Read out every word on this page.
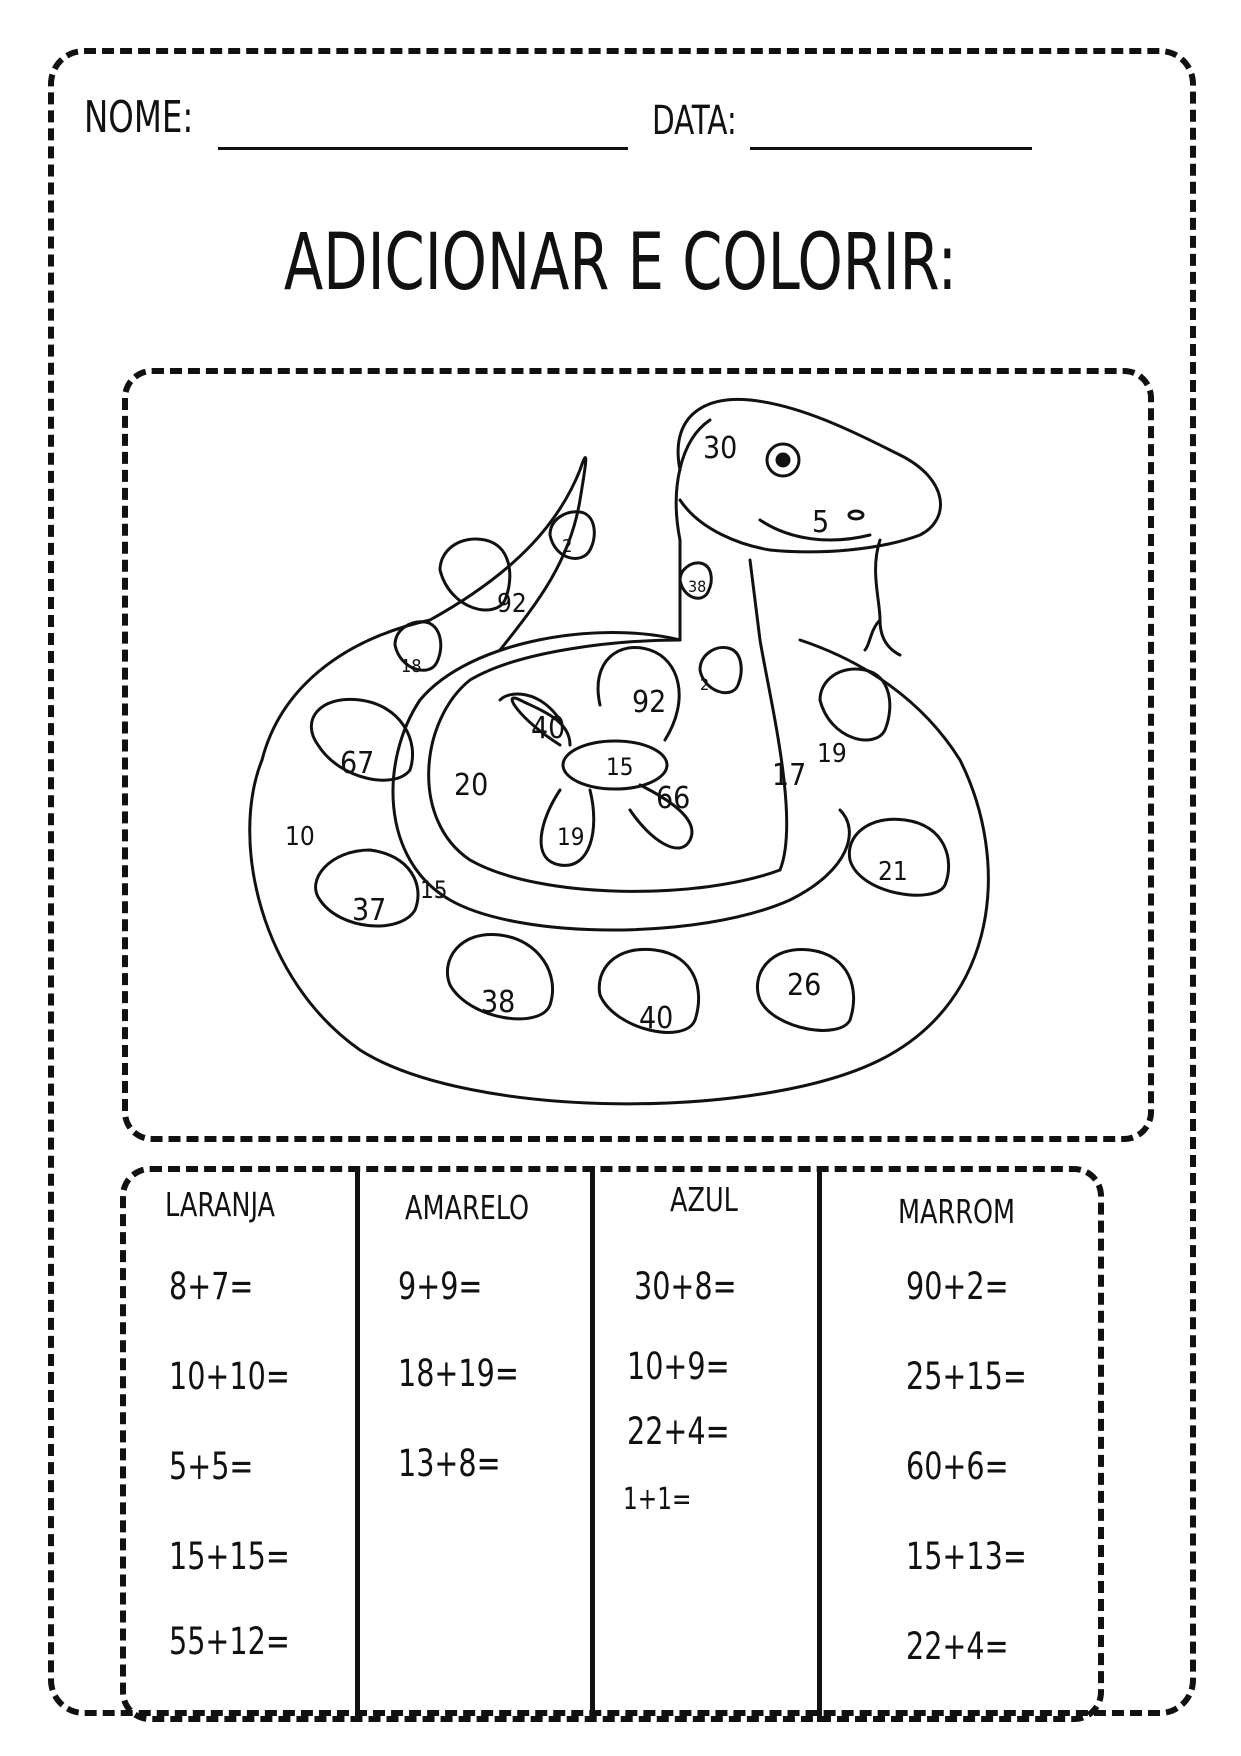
NOME:	DATA:
ADICIONAR E COLORIR:
30
5
2
92
38
18
92
2
40
15
67
20	17
19
66
10	19
21
15
37
26
38	40
LARANJA
8+7=
10+10=
5+5=
15+15=
55+12=
AMARELO
9+9=
18+19=
13+8=
AZUL
30+8=
10+9=
22+4=
1+1=
MARROM
90+2=
25+15=
60+6=
15+13=
22+4=
